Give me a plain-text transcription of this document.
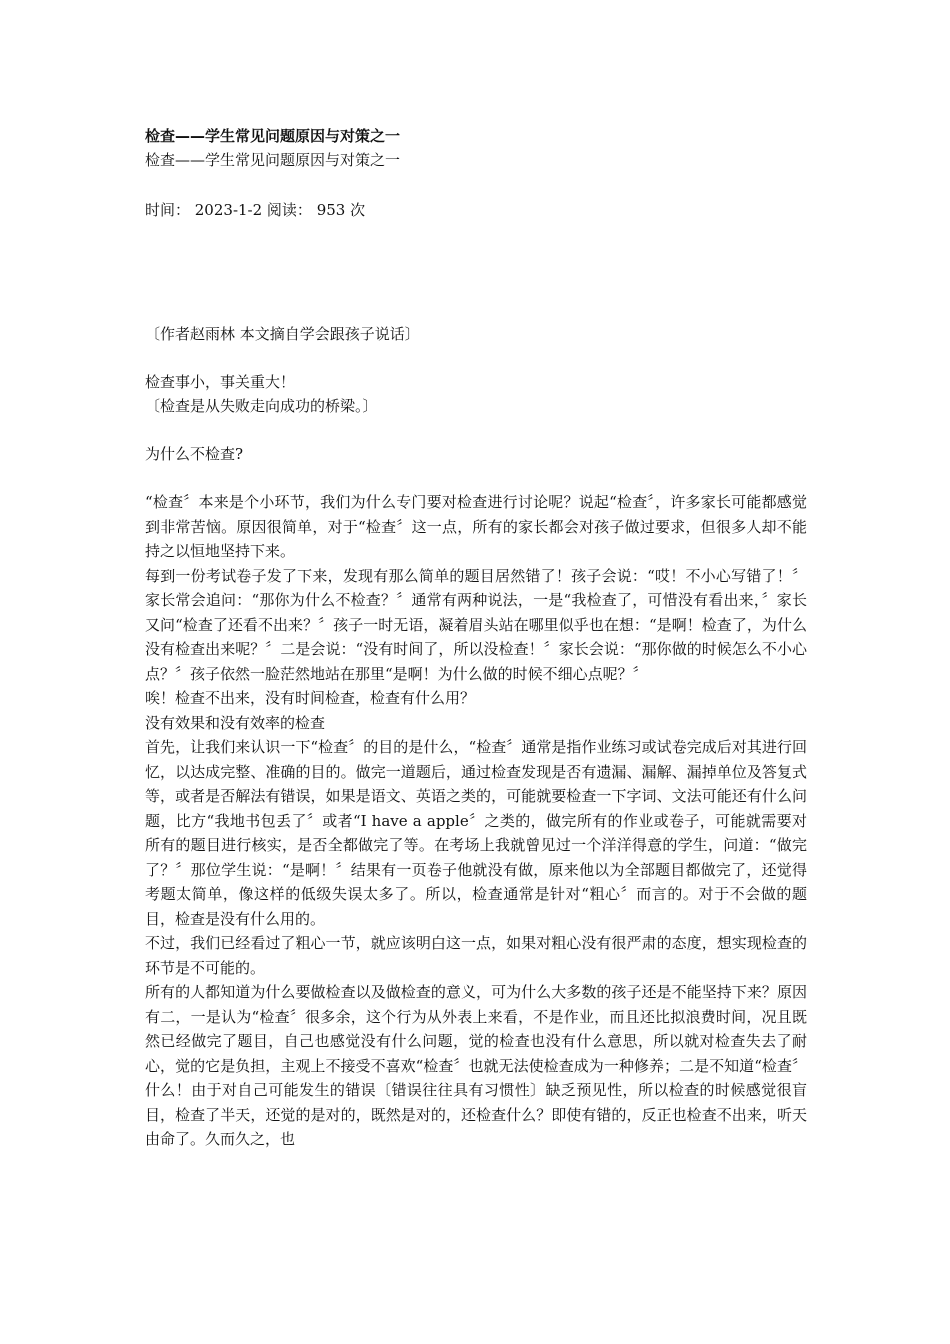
检查——学生常见问题原因与对策之一

检查——学生常见问题原因与对策之一

时间： 2023-1-2 阅读： 953 次

〔作者赵雨林 本文摘自学会跟孩子说话〕

检查事小，事关重大！

〔检查是从失败走向成功的桥梁。〕

为什么不检查?

“检查〞本来是个小环节，我们为什么专门要对检查进行讨论呢？说起“检查〞，许多家长可能都感觉到非常苦恼。原因很简单，对于“检查〞这一点，所有的家长都会对孩子做过要求，但很多人却不能持之以恒地坚持下来。

每到一份考试卷子发了下来，发现有那么简单的题目居然错了！孩子会说：“哎！不小心写错了！〞家长常会追问：“那你为什么不检查？〞通常有两种说法，一是“我检查了，可惜没有看出来，〞家长又问“检查了还看不出来？〞孩子一时无语，凝着眉头站在哪里似乎也在想：“是啊！检查了，为什么没有检查出来呢？〞二是会说：“没有时间了，所以没检查！〞家长会说：“那你做的时候怎么不小心点？〞孩子依然一脸茫然地站在那里“是啊！为什么做的时候不细心点呢？〞

唉！检查不出来，没有时间检查，检查有什么用？

没有效果和没有效率的检查

首先，让我们来认识一下“检查〞的目的是什么，“检查〞通常是指作业练习或试卷完成后对其进行回忆，以达成完整、准确的目的。做完一道题后，通过检查发现是否有遗漏、漏解、漏掉单位及答复式等，或者是否解法有错误，如果是语文、英语之类的，可能就要检查一下字词、文法可能还有什么问题，比方“我地书包丢了〞或者“I have a apple〞之类的，做完所有的作业或卷子，可能就需要对所有的题目进行核实，是否全都做完了等。在考场上我就曾见过一个洋洋得意的学生，问道：“做完了？〞那位学生说：“是啊！〞结果有一页卷子他就没有做，原来他以为全部题目都做完了，还觉得考题太简单，像这样的低级失误太多了。所以，检查通常是针对“粗心〞而言的。对于不会做的题目，检查是没有什么用的。

不过，我们已经看过了粗心一节，就应该明白这一点，如果对粗心没有很严肃的态度，想实现检查的环节是不可能的。

所有的人都知道为什么要做检查以及做检查的意义，可为什么大多数的孩子还是不能坚持下来？原因有二，一是认为“检查〞很多余，这个行为从外表上来看，不是作业，而且还比拟浪费时间，况且既然已经做完了题目，自己也感觉没有什么问题，觉的检查也没有什么意思，所以就对检查失去了耐心，觉的它是负担，主观上不接受不喜欢“检查〞也就无法使检查成为一种修养；二是不知道“检查〞什么！由于对自己可能发生的错误〔错误往往具有习惯性〕缺乏预见性，所以检查的时候感觉很盲目，检查了半天，还觉的是对的，既然是对的，还检查什么？即使有错的，反正也检查不出来，听天由命了。久而久之，也
